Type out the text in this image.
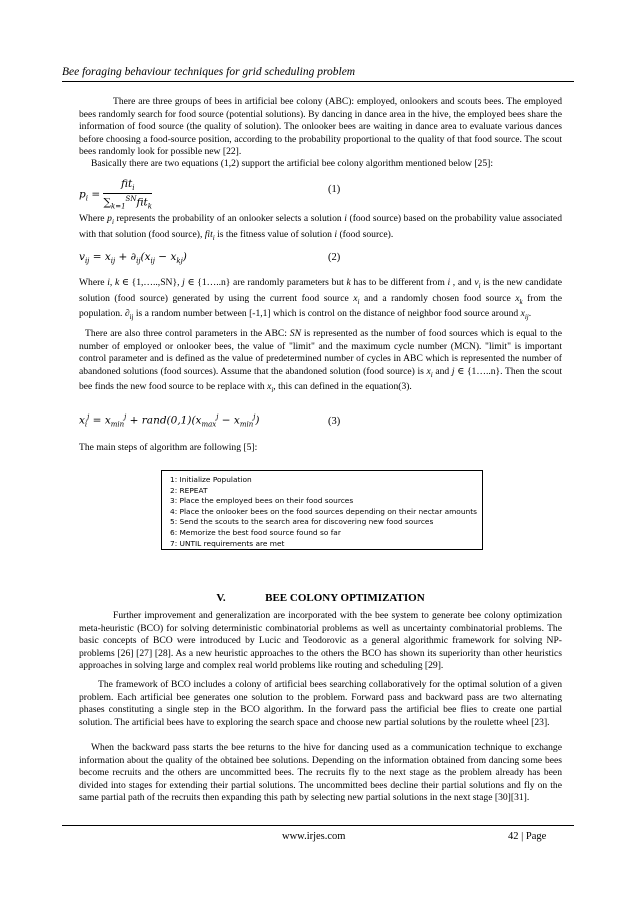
Bee foraging behaviour techniques for grid scheduling problem

There are three groups of bees in artificial bee colony (ABC): employed, onlookers and scouts bees. The employed bees randomly search for food source (potential solutions). By dancing in dance area in the hive, the employed bees share the information of food source (the quality of solution). The onlooker bees are waiting in dance area to evaluate various dances before choosing a food-source position, according to the probability proportional to the quality of that food source. The scout bees randomly look for possible new [22].

Basically there are two equations (1,2) support the artificial bee colony algorithm mentioned below [25]:

$p_i = \frac{fit_i}{\sum_{k=1}^{SN}fit_k}$	(1)

Where $p_i$ represents the probability of an onlooker selects a solution i (food source) based on the probability value associated with that solution (food source), fit$_i$ is the fitness value of solution i (food source).

$v_{ij} = x_{ij} + \partial_{ij}(x_{ij} - x_{kj})$	(2)

Where i, k ∈ {1,…..,SN}, j ∈ {1…..n} are randomly parameters but k has to be different from i , and $v_i$ is the new candidate solution (food source) generated by using the current food source $x_i$ and a randomly chosen food source $x_k$ from the population. $\partial_{ij}$ is a random number between [-1,1] which is control on the distance of neighbor food source around $x_{ij}$.

There are also three control parameters in the ABC: SN is represented as the number of food sources which is equal to the number of employed or onlooker bees, the value of "limit" and the maximum cycle number (MCN). "limit" is important control parameter and is defined as the value of predetermined number of cycles in ABC which is represented the number of abandoned solutions (food sources). Assume that the abandoned solution (food source) is $x_i$ and j ∈ {1…..n}. Then the scout bee finds the new food source to be replace with $x_i$, this can defined in the equation(3).

$x_i^j = x_{min}^j$ + $rand(0,1)(x_{max}^j - x_{min}^j)$	(3)

The main steps of algorithm are following [5]:

1: Initialize Population
2: REPEAT
3: Place the employed bees on their food sources
4: Place the onlooker bees on the food sources depending on their nectar amounts
5: Send the scouts to the search area for discovering new food sources
6: Memorize the best food source found so far
7: UNTIL requirements are met
V.	BEE COLONY OPTIMIZATION

Further improvement and generalization are incorporated with the bee system to generate bee colony optimization meta-heuristic (BCO) for solving deterministic combinatorial problems as well as uncertainty combinatorial problems. The basic concepts of BCO were introduced by Lucic and Teodorovic as a general algorithmic framework for solving NP-problems [26] [27] [28]. As a new heuristic approaches to the others the BCO has shown its superiority than other heuristics approaches in solving large and complex real world problems like routing and scheduling [29].

The framework of BCO includes a colony of artificial bees searching collaboratively for the optimal solution of a given problem. Each artificial bee generates one solution to the problem. Forward pass and backward pass are two alternating phases constituting a single step in the BCO algorithm. In the forward pass the artificial bee flies to create one partial solution. The artificial bees have to exploring the search space and choose new partial solutions by the roulette wheel [23].

When the backward pass starts the bee returns to the hive for dancing used as a communication technique to exchange information about the quality of the obtained bee solutions. Depending on the information obtained from dancing some bees become recruits and the others are uncommitted bees. The recruits fly to the next stage as the problem already has been divided into stages for extending their partial solutions. The uncommitted bees decline their partial solutions and fly on the same partial path of the recruits then expanding this path by selecting new partial solutions in the next stage [30][31].

www.irjes.com	42 | Page
